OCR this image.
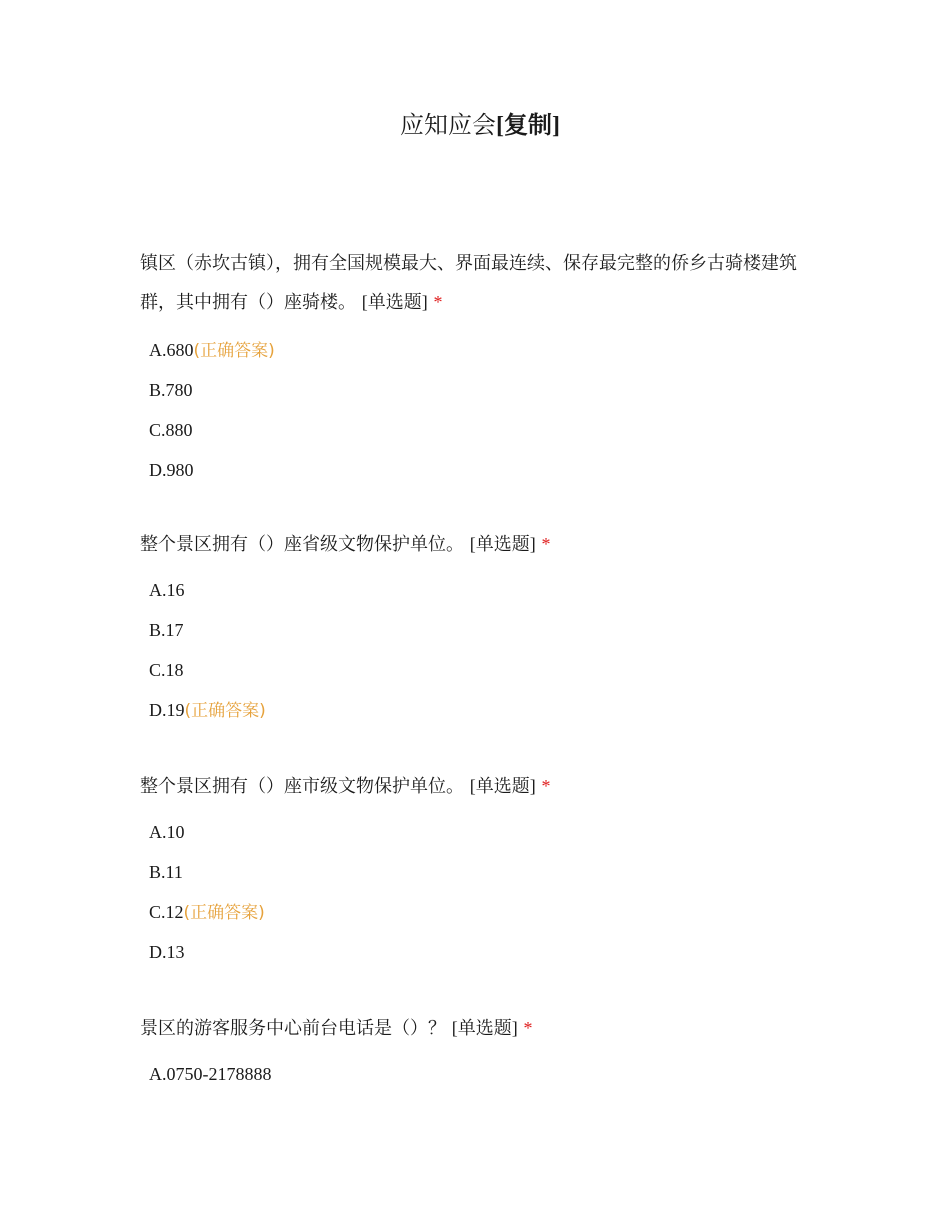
应知应会[复制]
镇区（赤坎古镇），拥有全国规模最大、界面最连续、保存最完整的侨乡古骑楼建筑群，其中拥有（）座骑楼。 [单选题] *
A.680(正确答案)
B.780
C.880
D.980
整个景区拥有（）座省级文物保护单位。 [单选题] *
A.16
B.17
C.18
D.19(正确答案)
整个景区拥有（）座市级文物保护单位。 [单选题] *
A.10
B.11
C.12(正确答案)
D.13
景区的游客服务中心前台电话是（）？ [单选题] *
A.0750-2178888
